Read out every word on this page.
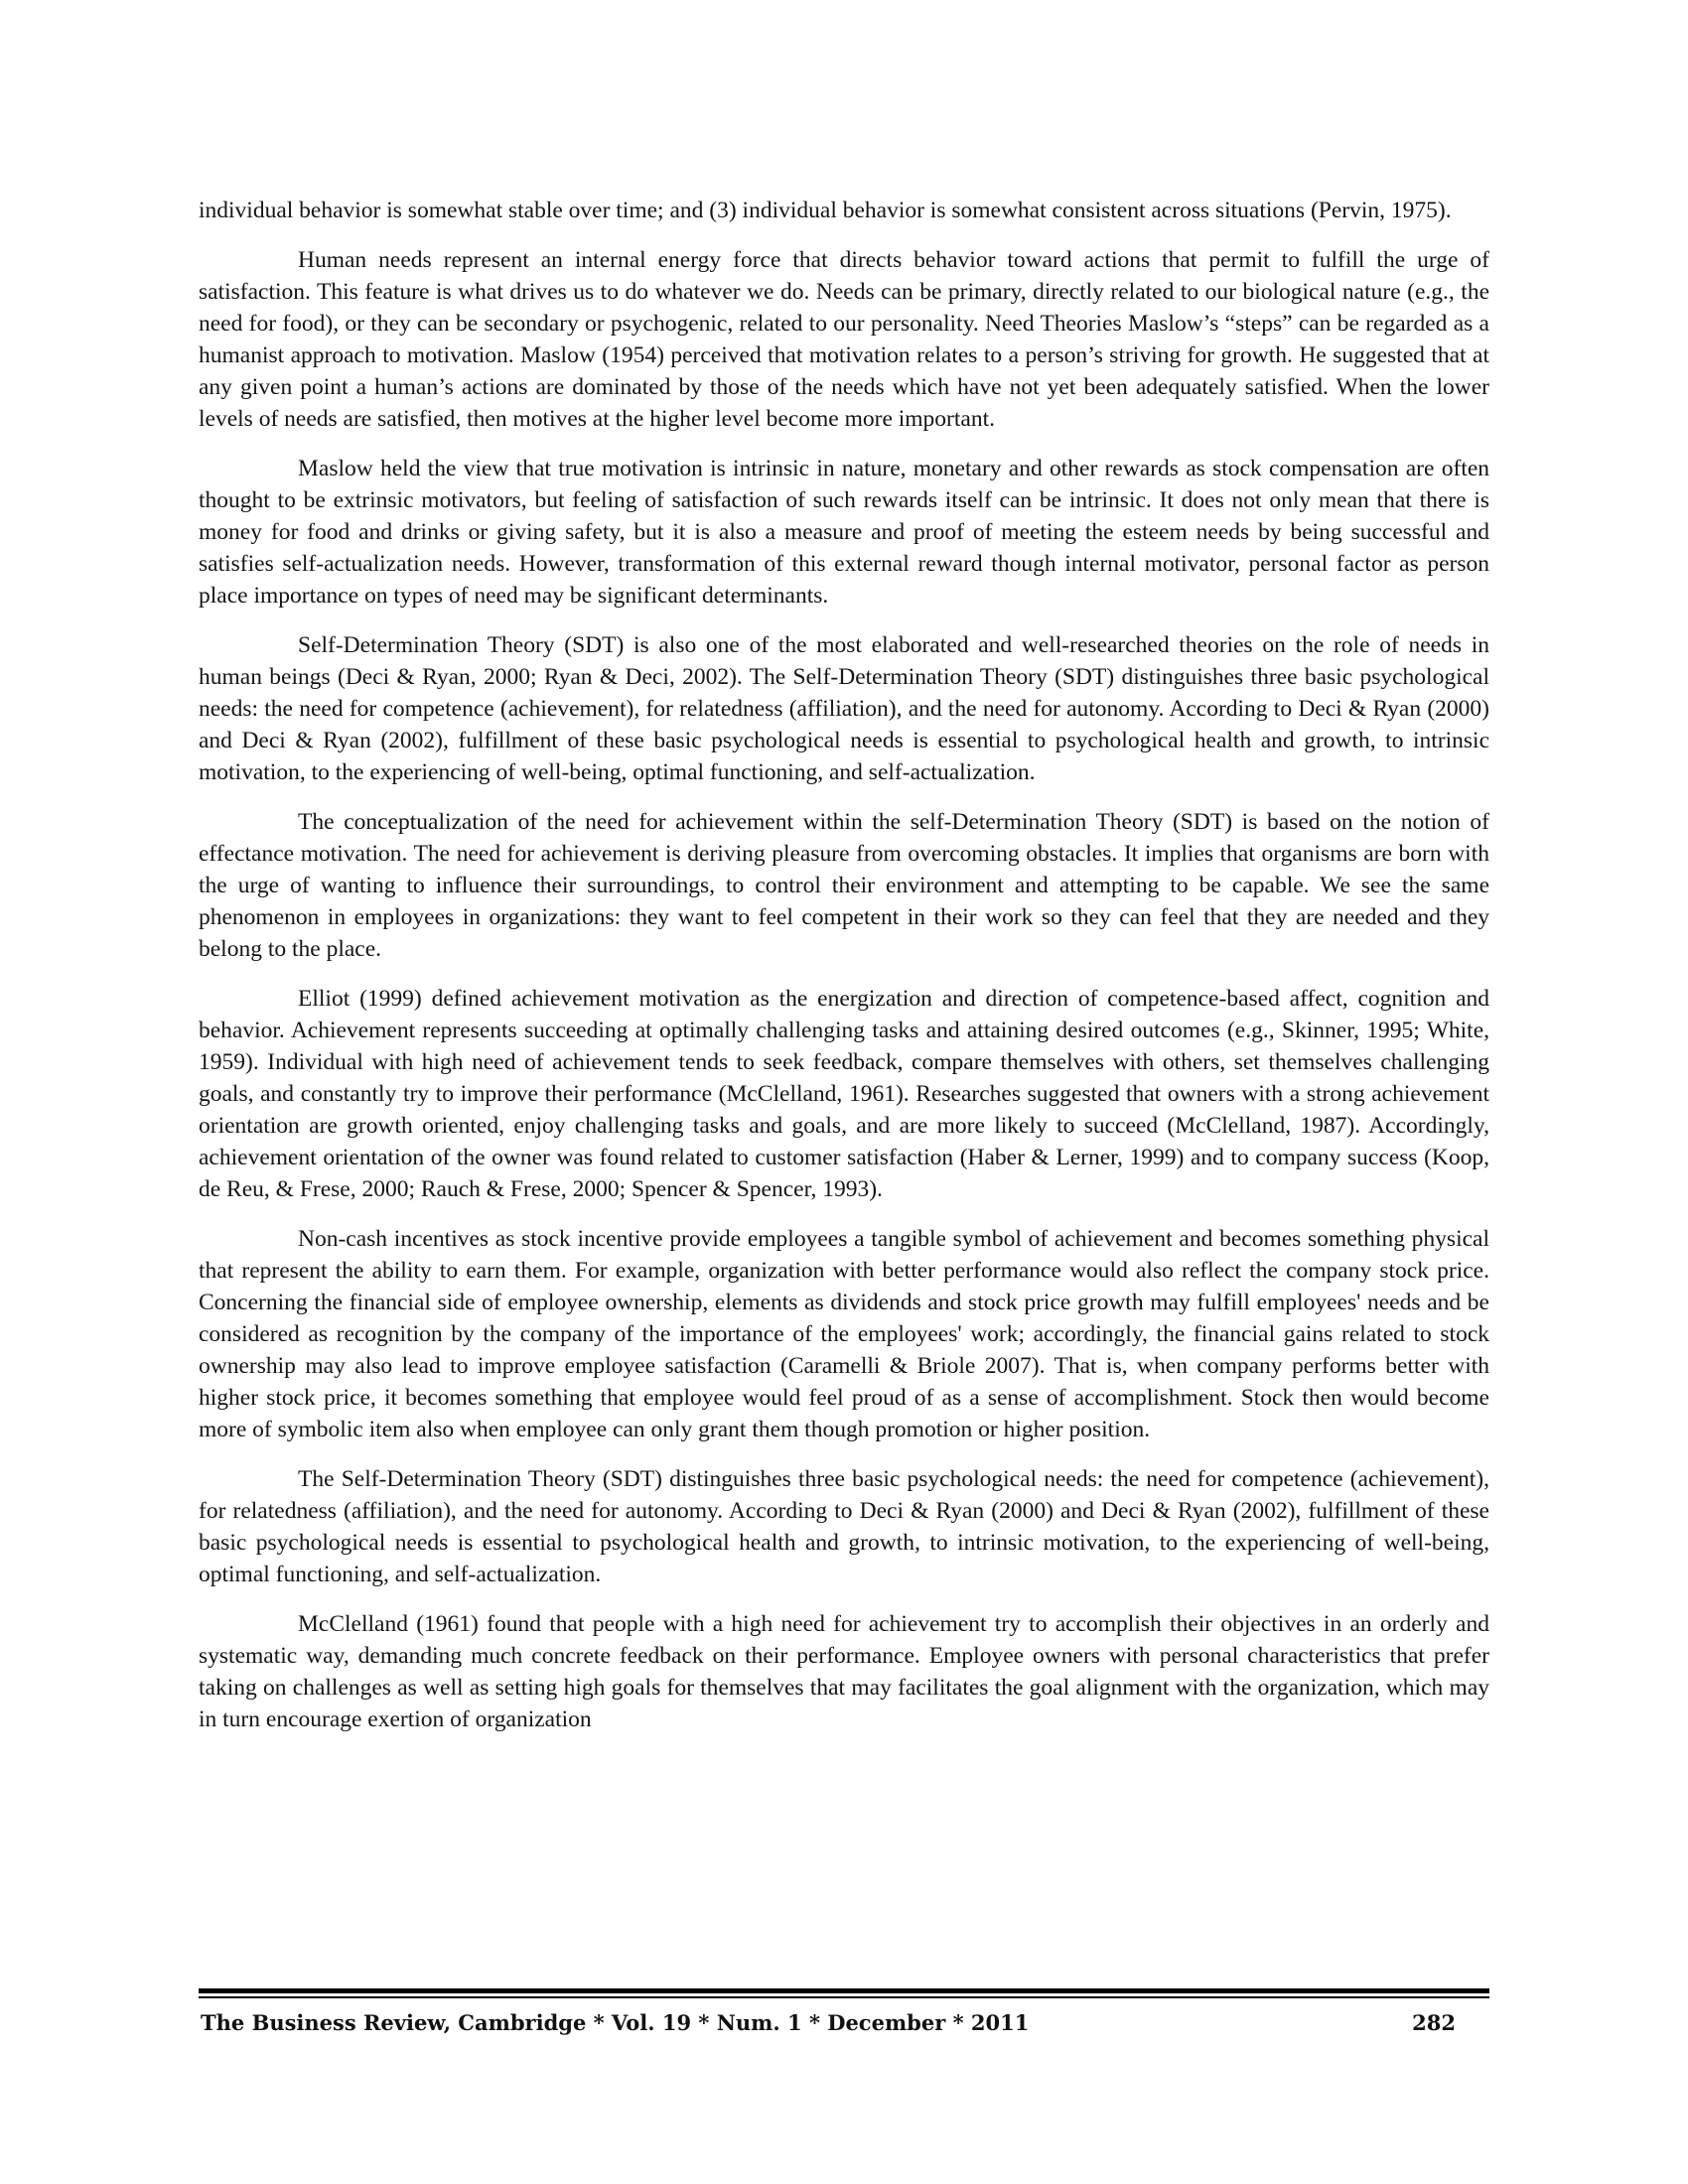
individual behavior is somewhat stable over time; and (3) individual behavior is somewhat consistent across situations (Pervin, 1975).

Human needs represent an internal energy force that directs behavior toward actions that permit to fulfill the urge of satisfaction. This feature is what drives us to do whatever we do. Needs can be primary, directly related to our biological nature (e.g., the need for food), or they can be secondary or psychogenic, related to our personality. Need Theories Maslow’s “steps” can be regarded as a humanist approach to motivation. Maslow (1954) perceived that motivation relates to a person’s striving for growth. He suggested that at any given point a human’s actions are dominated by those of the needs which have not yet been adequately satisfied. When the lower levels of needs are satisfied, then motives at the higher level become more important.

Maslow held the view that true motivation is intrinsic in nature, monetary and other rewards as stock compensation are often thought to be extrinsic motivators, but feeling of satisfaction of such rewards itself can be intrinsic. It does not only mean that there is money for food and drinks or giving safety, but it is also a measure and proof of meeting the esteem needs by being successful and satisfies self-actualization needs. However, transformation of this external reward though internal motivator, personal factor as person place importance on types of need may be significant determinants.

Self-Determination Theory (SDT) is also one of the most elaborated and well-researched theories on the role of needs in human beings (Deci & Ryan, 2000; Ryan & Deci, 2002). The Self-Determination Theory (SDT) distinguishes three basic psychological needs: the need for competence (achievement), for relatedness (affiliation), and the need for autonomy. According to Deci & Ryan (2000) and Deci & Ryan (2002), fulfillment of these basic psychological needs is essential to psychological health and growth, to intrinsic motivation, to the experiencing of well-being, optimal functioning, and self-actualization.

The conceptualization of the need for achievement within the self-Determination Theory (SDT) is based on the notion of effectance motivation. The need for achievement is deriving pleasure from overcoming obstacles. It implies that organisms are born with the urge of wanting to influence their surroundings, to control their environment and attempting to be capable. We see the same phenomenon in employees in organizations: they want to feel competent in their work so they can feel that they are needed and they belong to the place.

Elliot (1999) defined achievement motivation as the energization and direction of competence-based affect, cognition and behavior. Achievement represents succeeding at optimally challenging tasks and attaining desired outcomes (e.g., Skinner, 1995; White, 1959). Individual with high need of achievement tends to seek feedback, compare themselves with others, set themselves challenging goals, and constantly try to improve their performance (McClelland, 1961). Researches suggested that owners with a strong achievement orientation are growth oriented, enjoy challenging tasks and goals, and are more likely to succeed (McClelland, 1987). Accordingly, achievement orientation of the owner was found related to customer satisfaction (Haber & Lerner, 1999) and to company success (Koop, de Reu, & Frese, 2000; Rauch & Frese, 2000; Spencer & Spencer, 1993).

Non-cash incentives as stock incentive provide employees a tangible symbol of achievement and becomes something physical that represent the ability to earn them. For example, organization with better performance would also reflect the company stock price. Concerning the financial side of employee ownership, elements as dividends and stock price growth may fulfill employees' needs and be considered as recognition by the company of the importance of the employees' work; accordingly, the financial gains related to stock ownership may also lead to improve employee satisfaction (Caramelli & Briole 2007). That is, when company performs better with higher stock price, it becomes something that employee would feel proud of as a sense of accomplishment. Stock then would become more of symbolic item also when employee can only grant them though promotion or higher position.

The Self-Determination Theory (SDT) distinguishes three basic psychological needs: the need for competence (achievement), for relatedness (affiliation), and the need for autonomy. According to Deci & Ryan (2000) and Deci & Ryan (2002), fulfillment of these basic psychological needs is essential to psychological health and growth, to intrinsic motivation, to the experiencing of well-being, optimal functioning, and self-actualization.

McClelland (1961) found that people with a high need for achievement try to accomplish their objectives in an orderly and systematic way, demanding much concrete feedback on their performance. Employee owners with personal characteristics that prefer taking on challenges as well as setting high goals for themselves that may facilitates the goal alignment with the organization, which may in turn encourage exertion of organization

The Business Review, Cambridge * Vol. 19 * Num. 1 * December * 2011	282
